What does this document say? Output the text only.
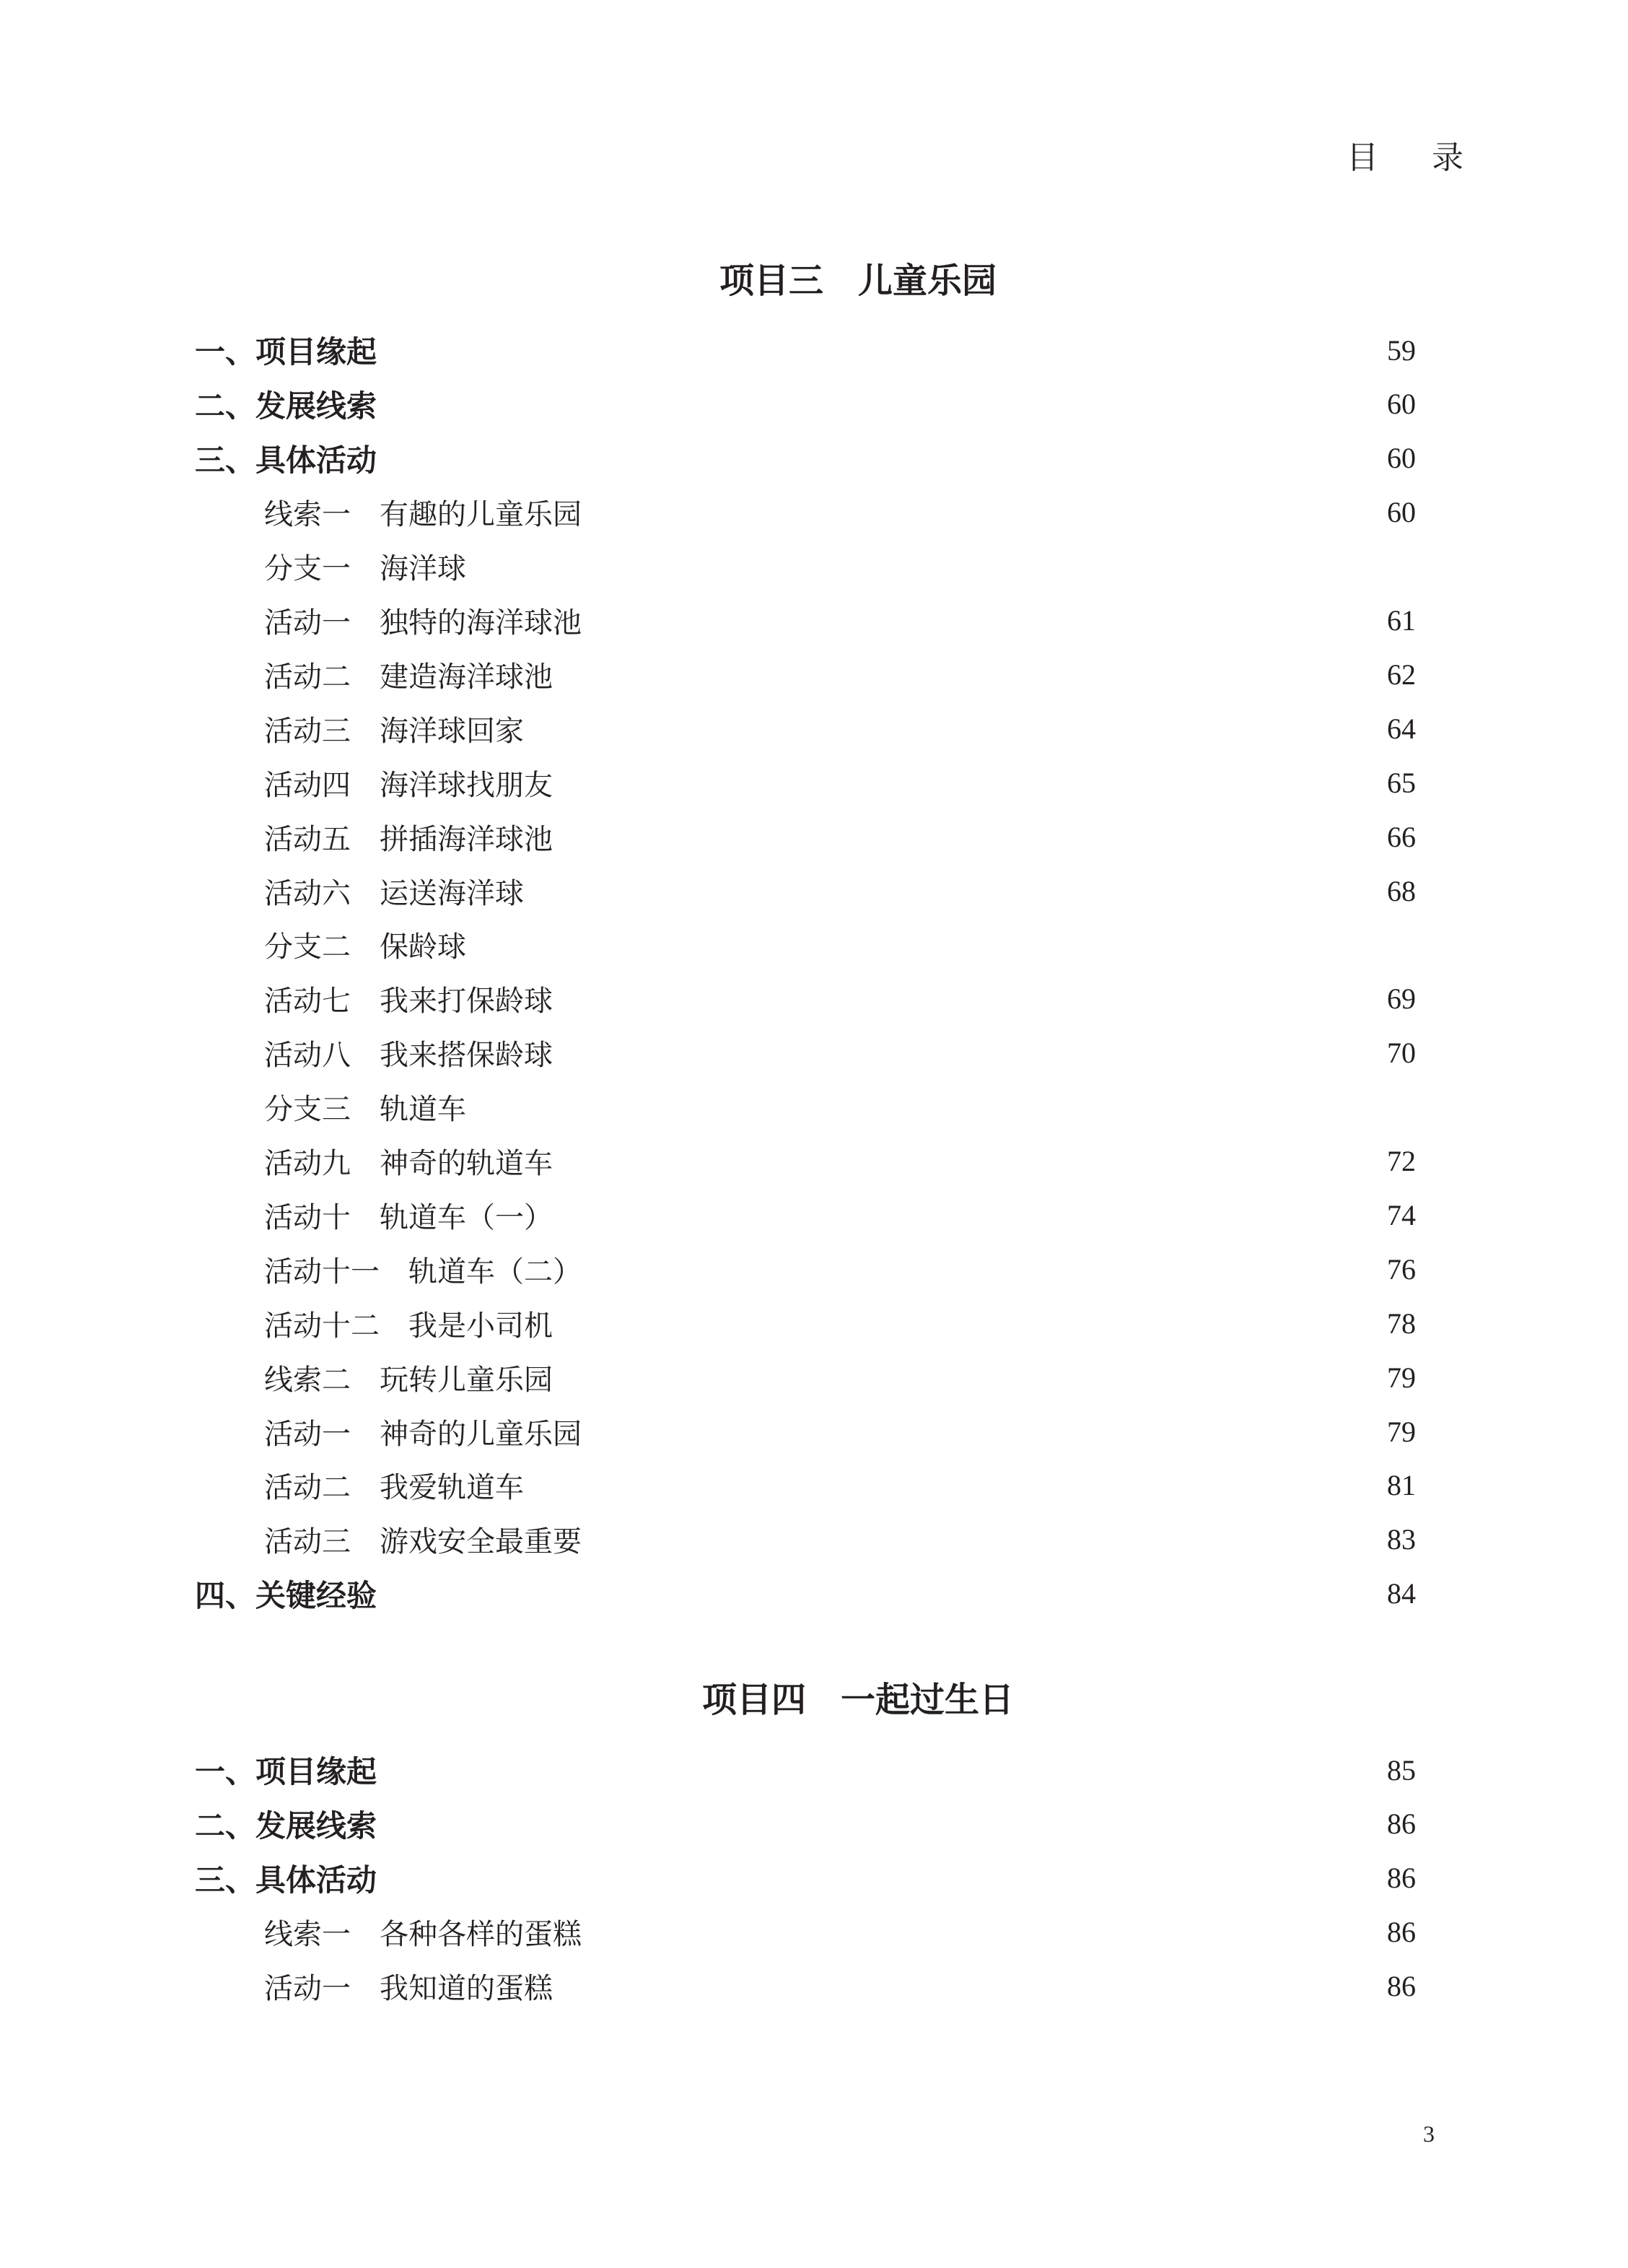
目 录
项目三　儿童乐园
一、项目缘起	59
二、发展线索	60
三、具体活动	60
线索一　有趣的儿童乐园	60
分支一　海洋球
活动一　独特的海洋球池	61
活动二　建造海洋球池	62
活动三　海洋球回家	64
活动四　海洋球找朋友	65
活动五　拼插海洋球池	66
活动六　运送海洋球	68
分支二　保龄球
活动七　我来打保龄球	69
活动八　我来搭保龄球	70
分支三　轨道车
活动九　神奇的轨道车	72
活动十　轨道车（一）	74
活动十一　轨道车（二）	76
活动十二　我是小司机	78
线索二　玩转儿童乐园	79
活动一　神奇的儿童乐园	79
活动二　我爱轨道车	81
活动三　游戏安全最重要	83
四、关键经验	84
项目四　一起过生日
一、项目缘起	85
二、发展线索	86
三、具体活动	86
线索一　各种各样的蛋糕	86
活动一　我知道的蛋糕	86
3
